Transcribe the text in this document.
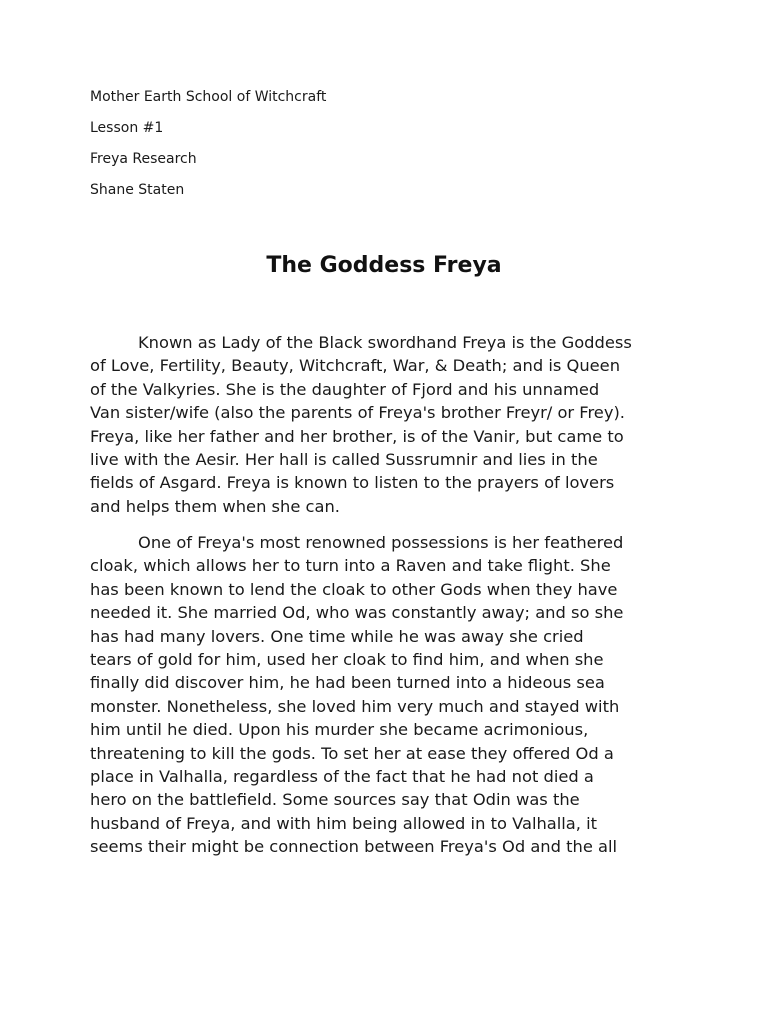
Mother Earth School of Witchcraft
Lesson #1
Freya Research
Shane Staten
The Goddess Freya
Known as Lady of the Black swordhand Freya is the Goddess
of Love, Fertility, Beauty, Witchcraft, War, & Death; and is Queen
of the Valkyries. She is the daughter of Fjord and his unnamed
Van sister/wife (also the parents of Freya's brother Freyr/ or Frey).
Freya, like her father and her brother, is of the Vanir, but came to
live with the Aesir. Her hall is called Sussrumnir and lies in the
fields of Asgard. Freya is known to listen to the prayers of lovers
and helps them when she can.
One of Freya's most renowned possessions is her feathered
cloak, which allows her to turn into a Raven and take flight. She
has been known to lend the cloak to other Gods when they have
needed it. She married Od, who was constantly away; and so she
has had many lovers. One time while he was away she cried
tears of gold for him, used her cloak to find him, and when she
finally did discover him, he had been turned into a hideous sea
monster. Nonetheless, she loved him very much and stayed with
him until he died. Upon his murder she became acrimonious,
threatening to kill the gods. To set her at ease they offered Od a
place in Valhalla, regardless of the fact that he had not died a
hero on the battlefield. Some sources say that Odin was the
husband of Freya, and with him being allowed in to Valhalla, it
seems their might be connection between Freya's Od and the all
